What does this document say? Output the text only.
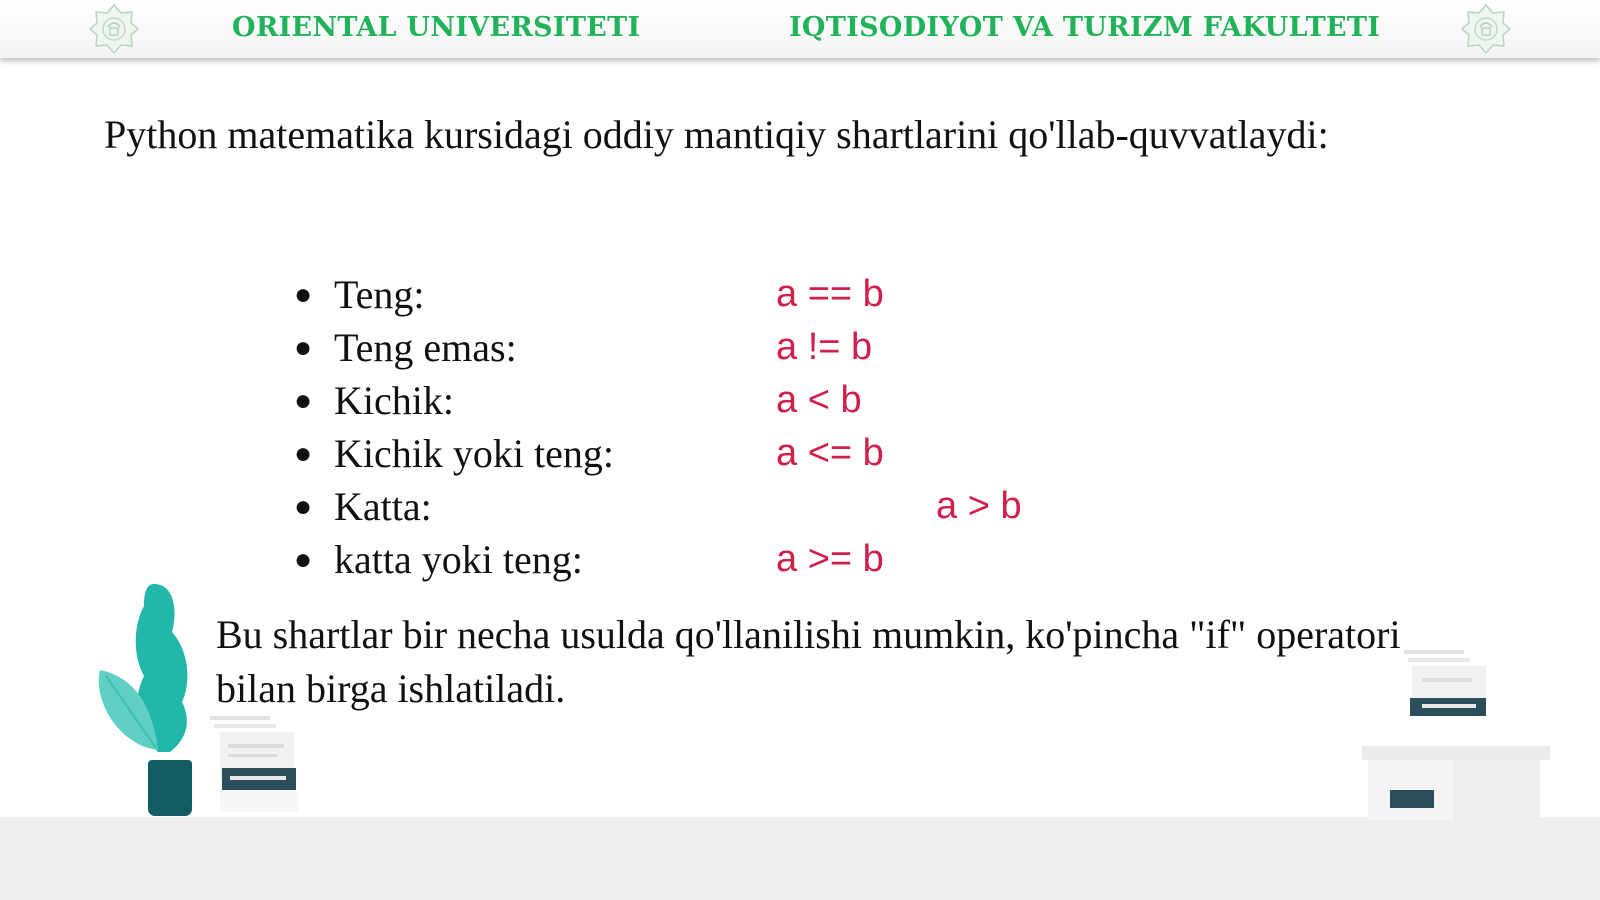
ORIENTAL UNIVERSITETI	IQTISODIYOT VA TURIZM FAKULTETI
Python matematika kursidagi oddiy mantiqiy shartlarini qo'llab-quvvatlaydi:
● Teng:	a == b
● Teng emas:	a != b
● Kichik:	a < b
● Kichik yoki teng:	a <= b
● Katta:	a > b
● katta yoki teng:	a >= b
Bu shartlar bir necha usulda qo'llanilishi mumkin, ko'pincha "if" operatori bilan birga ishlatiladi.
